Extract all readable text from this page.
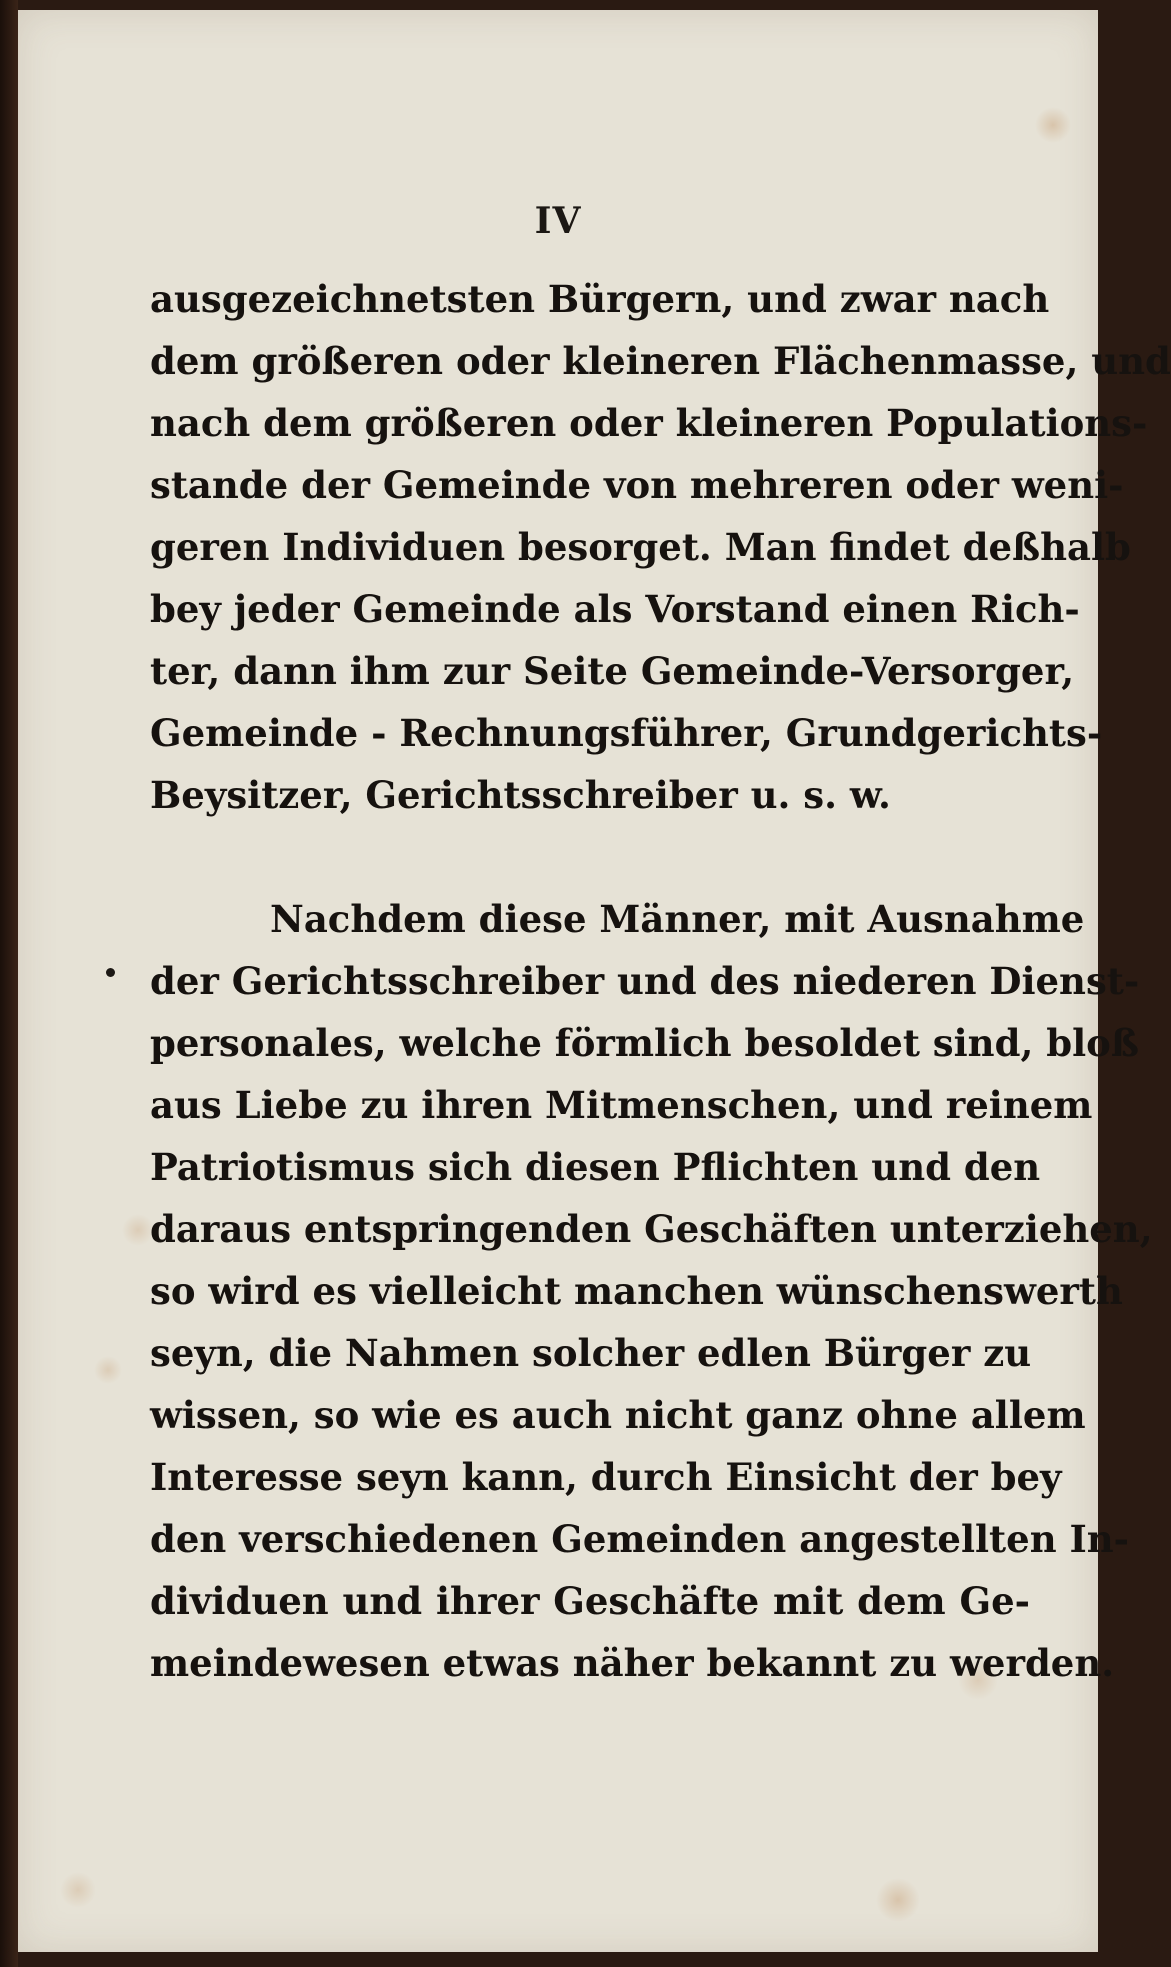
IV
ausgezeichnetsten Bürgern, und zwar nach
dem größeren oder kleineren Flächenmasse, und
nach dem größeren oder kleineren Populations-
stande der Gemeinde von mehreren oder weni-
geren Individuen besorget. Man findet deßhalb
bey jeder Gemeinde als Vorstand einen Rich-
ter, dann ihm zur Seite Gemeinde-Versorger,
Gemeinde - Rechnungsführer, Grundgerichts-
Beysitzer, Gerichtsschreiber u. s. w.
Nachdem diese Männer, mit Ausnahme
der Gerichtsschreiber und des niederen Dienst-
personales, welche förmlich besoldet sind, bloß
aus Liebe zu ihren Mitmenschen, und reinem
Patriotismus sich diesen Pflichten und den
daraus entspringenden Geschäften unterziehen,
so wird es vielleicht manchen wünschenswerth
seyn, die Nahmen solcher edlen Bürger zu
wissen, so wie es auch nicht ganz ohne allem
Interesse seyn kann, durch Einsicht der bey
den verschiedenen Gemeinden angestellten In-
dividuen und ihrer Geschäfte mit dem Ge-
meindewesen etwas näher bekannt zu werden.
